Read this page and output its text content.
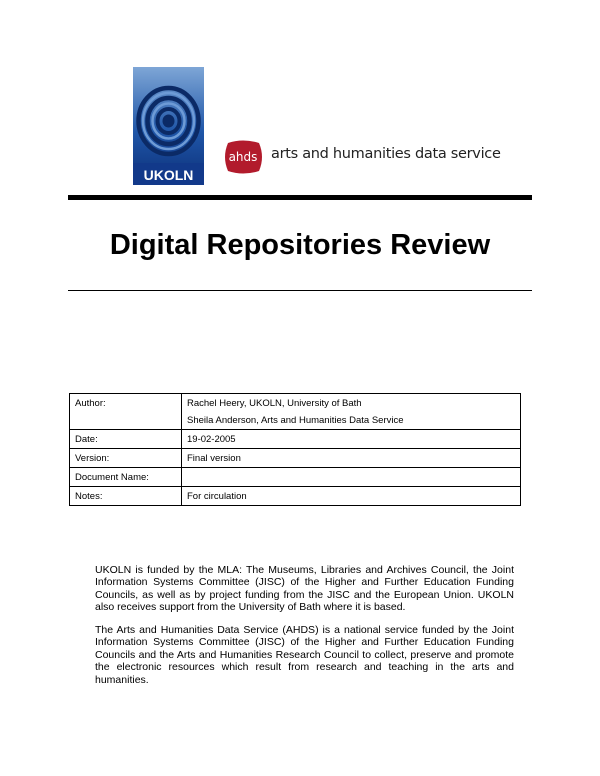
UKOLN
ahds arts and humanities data service
Digital Repositories Review
Author:	Rachel Heery, UKOLN, University of Bath
Sheila Anderson, Arts and Humanities Data Service

Date:	19-02-2005
Version:	Final version
Document Name:	
Notes:	For circulation

UKOLN is funded by the MLA: The Museums, Libraries and Archives Council, the Joint Information Systems Committee (JISC) of the Higher and Further Education Funding Councils, as well as by project funding from the JISC and the European Union. UKOLN also receives support from the University of Bath where it is based.

The Arts and Humanities Data Service (AHDS) is a national service funded by the Joint Information Systems Committee (JISC) of the Higher and Further Education Funding Councils and the Arts and Humanities Research Council to collect, preserve and promote the electronic resources which result from research and teaching in the arts and humanities.
